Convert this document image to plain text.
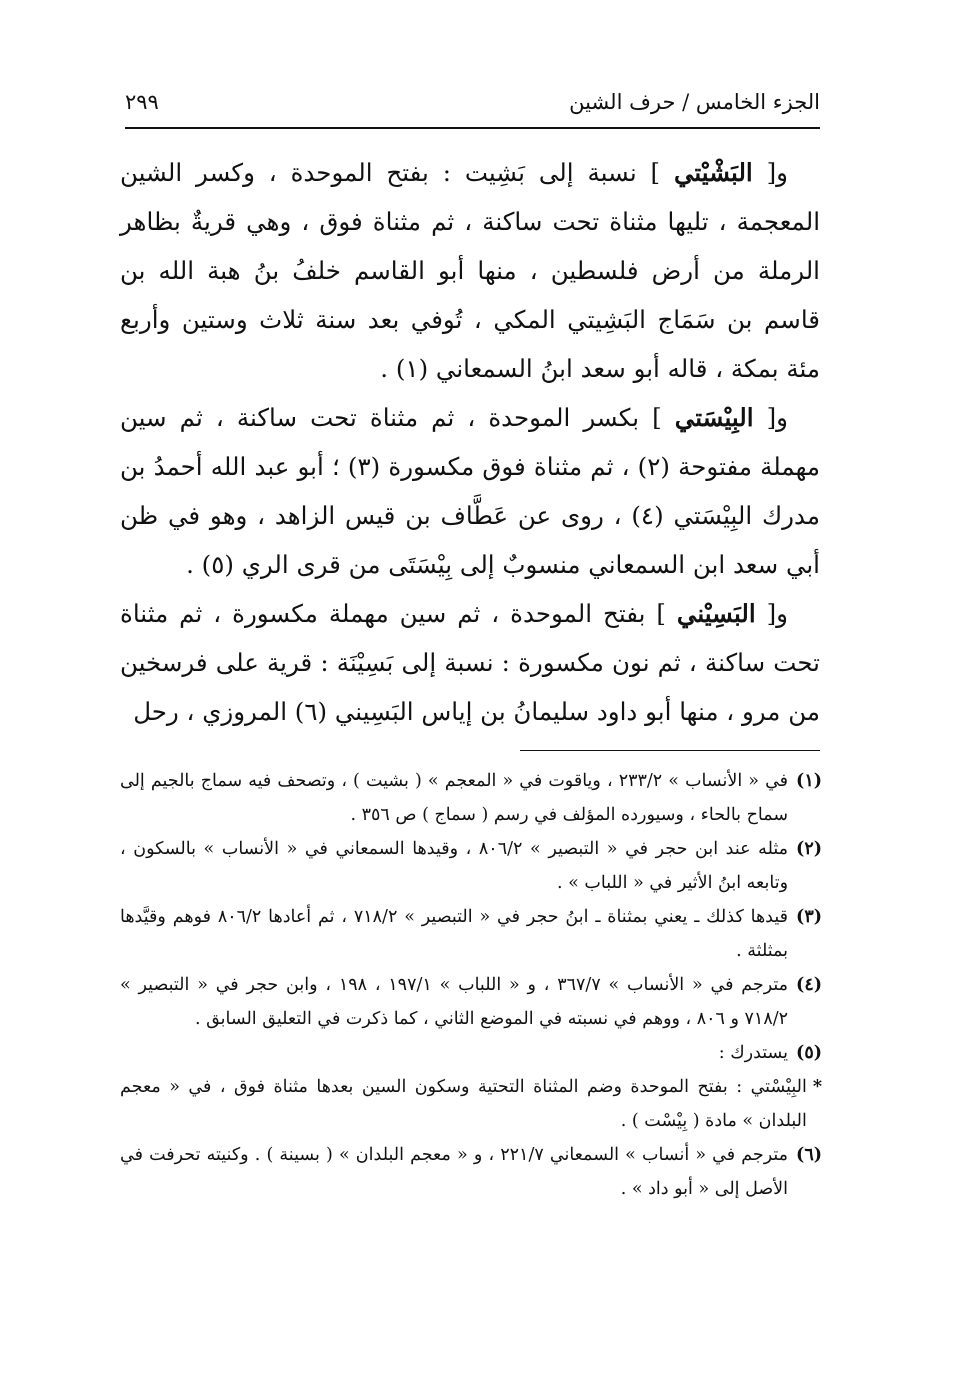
الجزء الخامس / حرف الشين
٢٩٩

و[ البَشْيْتي ] نسبة إلى بَشِيت : بفتح الموحدة ، وكسر الشين المعجمة ، تليها مثناة تحت ساكنة ، ثم مثناة فوق ، وهي قريةٌ بظاهر الرملة من أرض فلسطين ، منها أبو القاسم خلفُ بنُ هبة الله بن قاسم بن سَمَاج البَشِيتي المكي ، تُوفي بعد سنة ثلاث وستين وأربع مئة بمكة ، قاله أبو سعد ابنُ السمعاني (١) .

و[ البِيْسَتي ] بكسر الموحدة ، ثم مثناة تحت ساكنة ، ثم سين مهملة مفتوحة (٢) ، ثم مثناة فوق مكسورة (٣) ؛ أبو عبد الله أحمدُ بن مدرك البِيْسَتي (٤) ، روى عن عَطَّاف بن قيس الزاهد ، وهو في ظن أبي سعد ابن السمعاني منسوبٌ إلى بِيْسَتَى من قرى الري (٥) .

و[ البَسِيْني ] بفتح الموحدة ، ثم سين مهملة مكسورة ، ثم مثناة تحت ساكنة ، ثم نون مكسورة : نسبة إلى بَسِيْنَة : قرية على فرسخين من مرو ، منها أبو داود سليمانُ بن إياس البَسِيني (٦) المروزي ، رحل

(١)
في « الأنساب » ٢٣٣/٢ ، وياقوت في « المعجم » ( بشيت ) ، وتصحف فيه سماج بالجيم إلى سماح بالحاء ، وسيورده المؤلف في رسم ( سماج ) ص ٣٥٦ .
(٢)
مثله عند ابن حجر في « التبصير » ٨٠٦/٢ ، وقيدها السمعاني في « الأنساب » بالسكون ، وتابعه ابنُ الأثير في « اللباب » .
(٣)
قيدها كذلك ـ يعني بمثناة ـ ابنُ حجر في « التبصير » ٧١٨/٢ ، ثم أعادها ٨٠٦/٢ فوهم وقيَّدها بمثلثة .
(٤)
مترجم في « الأنساب » ٣٦٧/٧ ، و « اللباب » ١٩٧/١ ، ١٩٨ ، وابن حجر في « التبصير » ٧١٨/٢ و ٨٠٦ ، ووهم في نسبته في الموضع الثاني ، كما ذكرت في التعليق السابق .
(٥)
يستدرك :
*
البِيْسْتي : بفتح الموحدة وضم المثناة التحتية وسكون السين بعدها مثناة فوق ، في « معجم البلدان » مادة ( بِيْسْت ) .
(٦)
مترجم في « أنساب » السمعاني ٢٢١/٧ ، و « معجم البلدان » ( بسينة ) . وكنيته تحرفت في الأصل إلى « أبو داد » .
